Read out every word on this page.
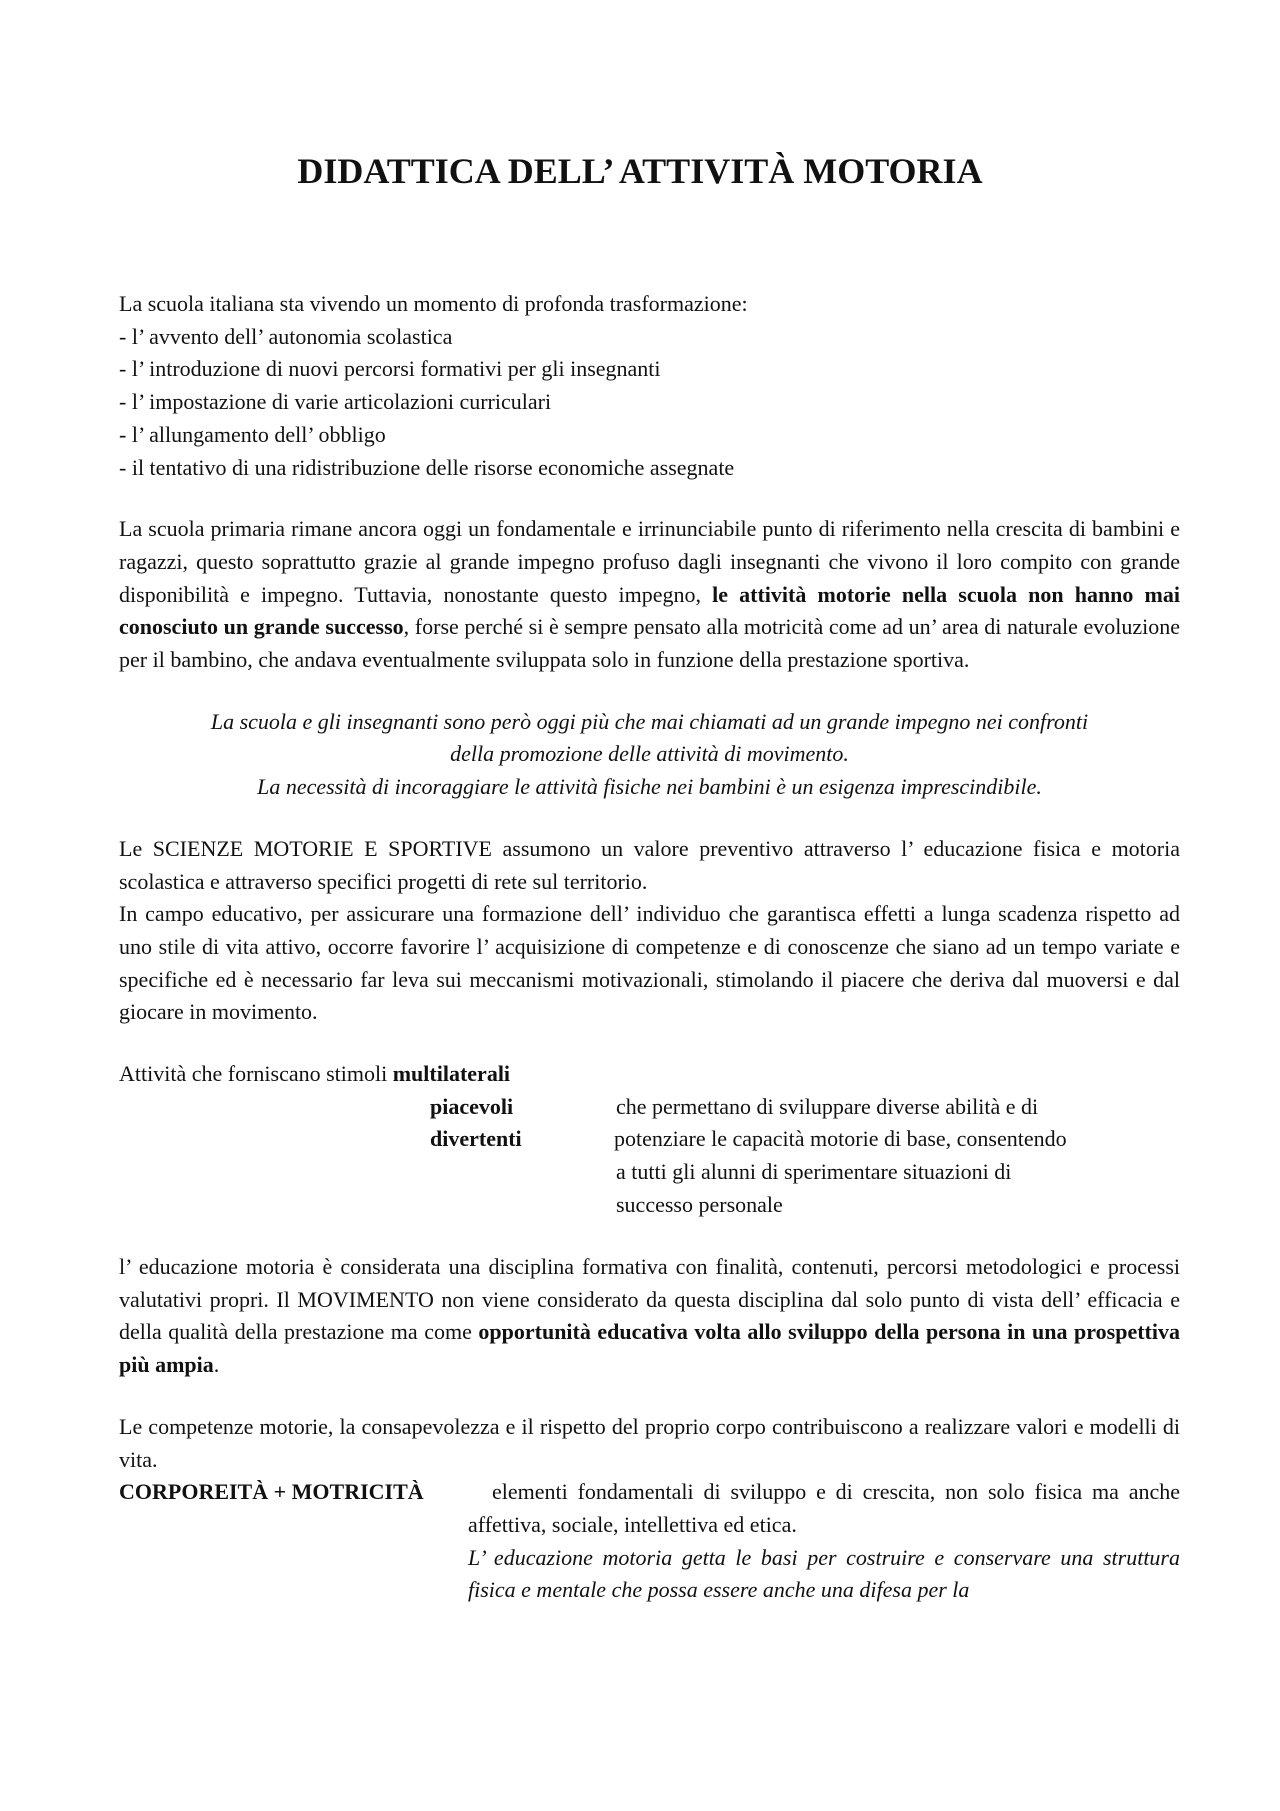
DIDATTICA DELL’ ATTIVITÀ MOTORIA

La scuola italiana sta vivendo un momento di profonda trasformazione:

- l’ avvento dell’ autonomia scolastica

- l’ introduzione di nuovi percorsi formativi per gli insegnanti

- l’ impostazione di varie articolazioni curriculari

- l’ allungamento dell’ obbligo

- il tentativo di una ridistribuzione delle risorse economiche assegnate

La scuola primaria rimane ancora oggi un fondamentale e irrinunciabile punto di riferimento nella crescita di bambini e ragazzi, questo soprattutto grazie al grande impegno profuso dagli insegnanti che vivono il loro compito con grande disponibilità e impegno. Tuttavia, nonostante questo impegno, le attività motorie nella scuola non hanno mai conosciuto un grande successo, forse perché si è sempre pensato alla motricità come ad un’ area di naturale evoluzione per il bambino, che andava eventualmente sviluppata solo in funzione della prestazione sportiva.

La scuola e gli insegnanti sono però oggi più che mai chiamati ad un grande impegno nei confronti

della promozione delle attività di movimento.

La necessità di incoraggiare le attività fisiche nei bambini è un esigenza imprescindibile.

Le SCIENZE MOTORIE E SPORTIVE assumono un valore preventivo attraverso l’ educazione fisica e motoria scolastica e attraverso specifici progetti di rete sul territorio.

In campo educativo, per assicurare una formazione dell’ individuo che garantisca effetti a lunga scadenza rispetto ad uno stile di vita attivo, occorre favorire l’ acquisizione di competenze e di conoscenze che siano ad un tempo variate e specifiche ed è necessario far leva sui meccanismi motivazionali, stimolando il piacere che deriva dal muoversi e dal giocare in movimento.

Attività che forniscano stimoli multilaterali
piacevoli
divertenti
che permettano di sviluppare diverse abilità e di
potenziare le capacità motorie di base, consentendo
a tutti gli alunni di sperimentare situazioni di
successo personale

l’ educazione motoria è considerata una disciplina formativa con finalità, contenuti, percorsi metodologici e processi valutativi propri. Il MOVIMENTO non viene considerato da questa disciplina dal solo punto di vista dell’ efficacia e della qualità della prestazione ma come opportunità educativa volta allo sviluppo della persona in una prospettiva più ampia.

Le competenze motorie, la consapevolezza e il rispetto del proprio corpo contribuiscono a realizzare valori e modelli di vita.

CORPOREITÀ + MOTRICITÀ	elementi fondamentali di sviluppo e di crescita, non solo fisica ma anche affettiva, sociale, intellettiva ed etica.
L’ educazione motoria getta le basi per costruire e conservare una struttura fisica e mentale che possa essere anche una difesa per la
